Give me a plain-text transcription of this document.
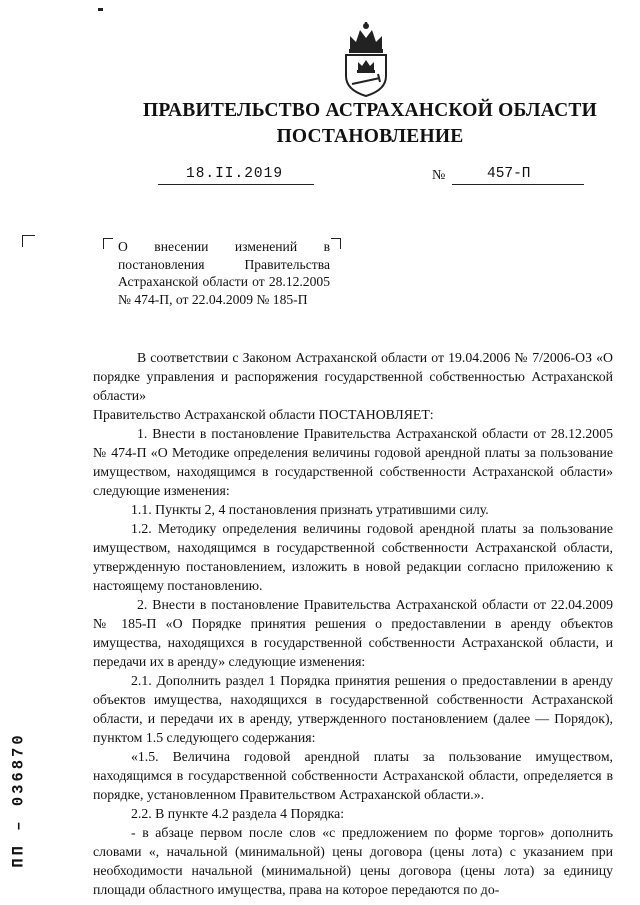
ПРАВИТЕЛЬСТВО АСТРАХАНСКОЙ ОБЛАСТИ
ПОСТАНОВЛЕНИЕ
18.II.2019	№	457-П
О внесении изменений в постановления Правительства Астраханской области от 28.12.2005 № 474-П, от 22.04.2009 № 185-П

В соответствии с Законом Астраханской области от 19.04.2006 № 7/2006-ОЗ «О порядке управления и распоряжения государственной собственностью Астраханской области»

Правительство Астраханской области ПОСТАНОВЛЯЕТ:

1. Внести в постановление Правительства Астраханской области от 28.12.2005 № 474-П «О Методике определения величины годовой арендной платы за пользование имуществом, находящимся в государственной собственности Астраханской области» следующие изменения:

1.1. Пункты 2, 4 постановления признать утратившими силу.

1.2. Методику определения величины годовой арендной платы за пользование имуществом, находящимся в государственной собственности Астраханской области, утвержденную постановлением, изложить в новой редакции согласно приложению к настоящему постановлению.

2. Внести в постановление Правительства Астраханской области от 22.04.2009 № 185-П «О Порядке принятия решения о предоставлении в аренду объектов имущества, находящихся в государственной собственности Астраханской области, и передачи их в аренду» следующие изменения:

2.1. Дополнить раздел 1 Порядка принятия решения о предоставлении в аренду объектов имущества, находящихся в государственной собственности Астраханской области, и передачи их в аренду, утвержденного постановлением (далее — Порядок), пунктом 1.5 следующего содержания:

«1.5. Величина годовой арендной платы за пользование имуществом, находящимся в государственной собственности Астраханской области, определяется в порядке, установленном Правительством Астраханской области.».

2.2. В пункте 4.2 раздела 4 Порядка:

- в абзаце первом после слов «с предложением по форме торгов» дополнить словами «, начальной (минимальной) цены договора (цены лота) с указанием при необходимости начальной (минимальной) цены договора (цены лота) за единицу площади областного имущества, права на которое передаются по до-

ПП – 036870
